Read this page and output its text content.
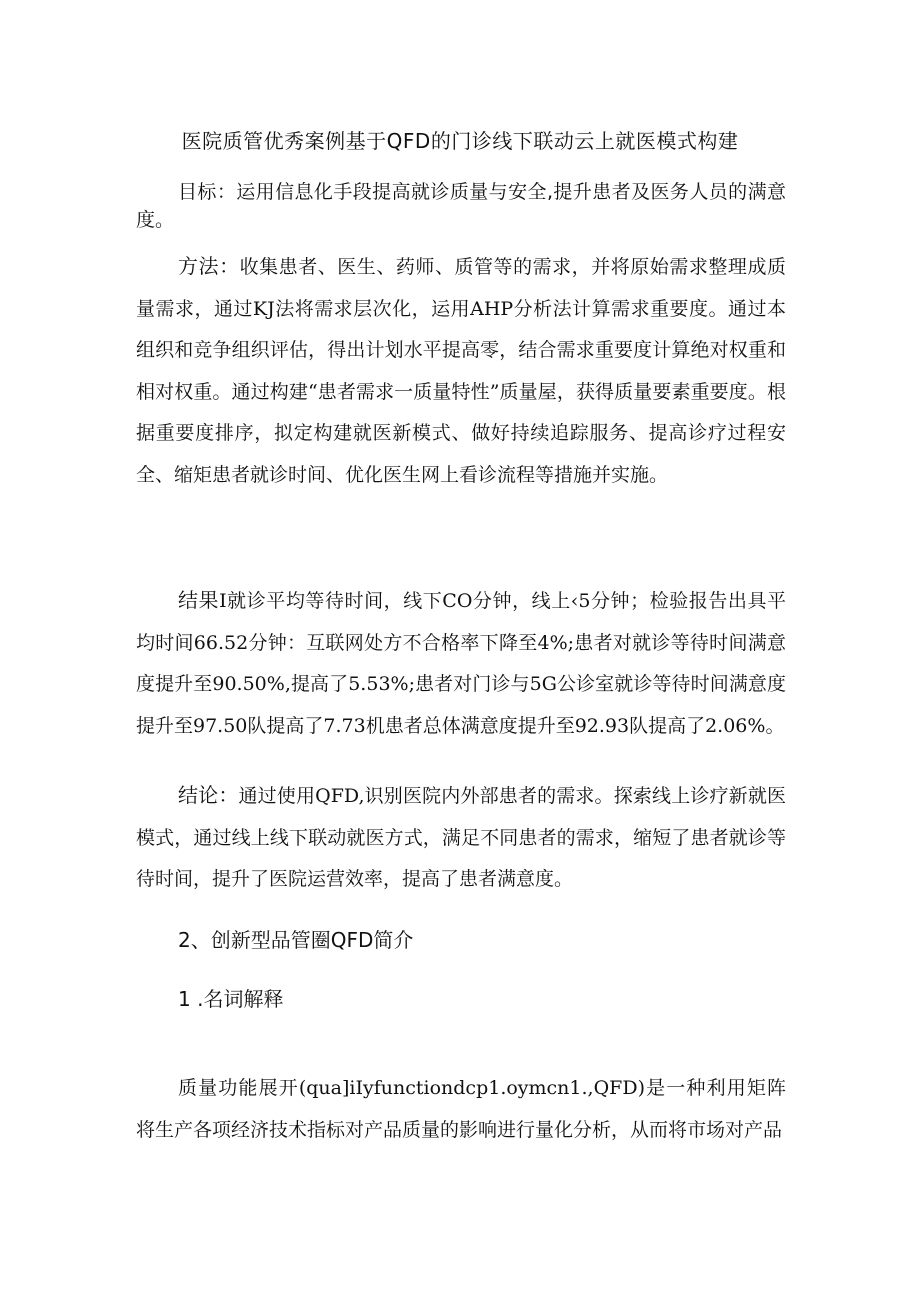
医院质管优秀案例基于QFD的门诊线下联动云上就医模式构建

目标：运用信息化手段提高就诊质量与安全,提升患者及医务人员的满意度。

方法：收集患者、医生、药师、质管等的需求，并将原始需求整理成质量需求，通过KJ法将需求层次化，运用AHP分析法计算需求重要度。通过本组织和竞争组织评估，得出计划水平提高零，结合需求重要度计算绝对权重和相对权重。通过构建“患者需求一质量特性”质量屋，获得质量要素重要度。根据重要度排序，拟定构建就医新模式、做好持续追踪服务、提高诊疗过程安全、缩矩患者就诊时间、优化医生网上看诊流程等措施并实施。

结果I就诊平均等待时间，线下CO分钟，线上‹5分钟；检验报告出具平均时间66.52分钟：互联网处方不合格率下降至4%;患者对就诊等待时间满意度提升至90.50%,提高了5.53%;患者对门诊与5G公诊室就诊等待时间满意度提升至97.50队提高了7.73机患者总体满意度提升至92.93队提高了2.06%。

结论：通过使用QFD,识别医院内外部患者的需求。探索线上诊疗新就医模式，通过线上线下联动就医方式，满足不同患者的需求，缩短了患者就诊等待时间，提升了医院运营效率，提高了患者满意度。

2、创新型品管圈QFD简介
1 .名词解释

质量功能展开(qua]iIyfunctiondcp1.oymcn1.,QFD)是一种利用矩阵将生产各项经济技术指标对产品质量的影响进行量化分析，从而将市场对产品
